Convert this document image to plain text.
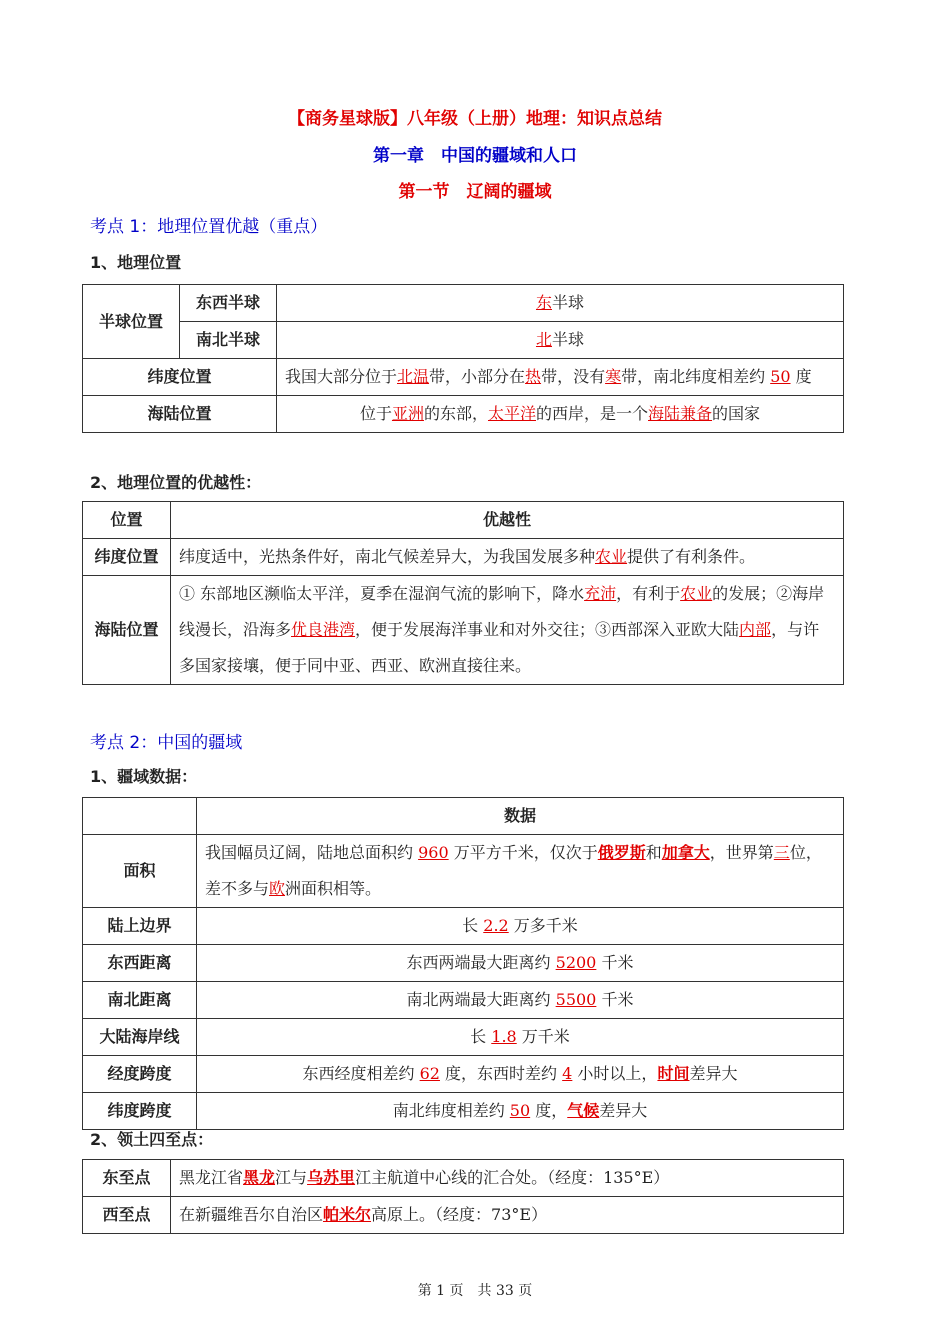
【商务星球版】八年级（上册）地理：知识点总结
第一章　中国的疆域和人口
第一节　辽阔的疆域
考点 1：地理位置优越（重点）
1、地理位置
半球位置	东西半球	东半球
	南北半球	北半球
纬度位置		我国大部分位于北温带，小部分在热带，没有寒带，南北纬度相差约 50 度
海陆位置		位于亚洲的东部，太平洋的西岸，是一个海陆兼备的国家
2、地理位置的优越性：
位置	优越性
纬度位置	纬度适中，光热条件好，南北气候差异大，为我国发展多种农业提供了有利条件。
海陆位置	① 东部地区濒临太平洋，夏季在湿润气流的影响下，降水充沛，有利于农业的发展；②海岸线漫长，沿海多优良港湾，便于发展海洋事业和对外交往；③西部深入亚欧大陆内部，与许多国家接壤，便于同中亚、西亚、欧洲直接往来。
考点 2：中国的疆域
1、疆域数据：
	数据
面积	我国幅员辽阔，陆地总面积约 960 万平方千米，仅次于俄罗斯和加拿大，世界第三位，差不多与欧洲面积相等。
陆上边界	长 2.2 万多千米
东西距离	东西两端最大距离约 5200 千米
南北距离	南北两端最大距离约 5500 千米
大陆海岸线	长 1.8 万千米
经度跨度	东西经度相差约 62 度，东西时差约 4 小时以上，时间差异大
纬度跨度	南北纬度相差约 50 度，气候差异大
2、领土四至点：
东至点	黑龙江省黑龙江与乌苏里江主航道中心线的汇合处。（经度：135°E）
西至点	在新疆维吾尔自治区帕米尔高原上。（经度：73°E）
第 1 页　共 33 页
